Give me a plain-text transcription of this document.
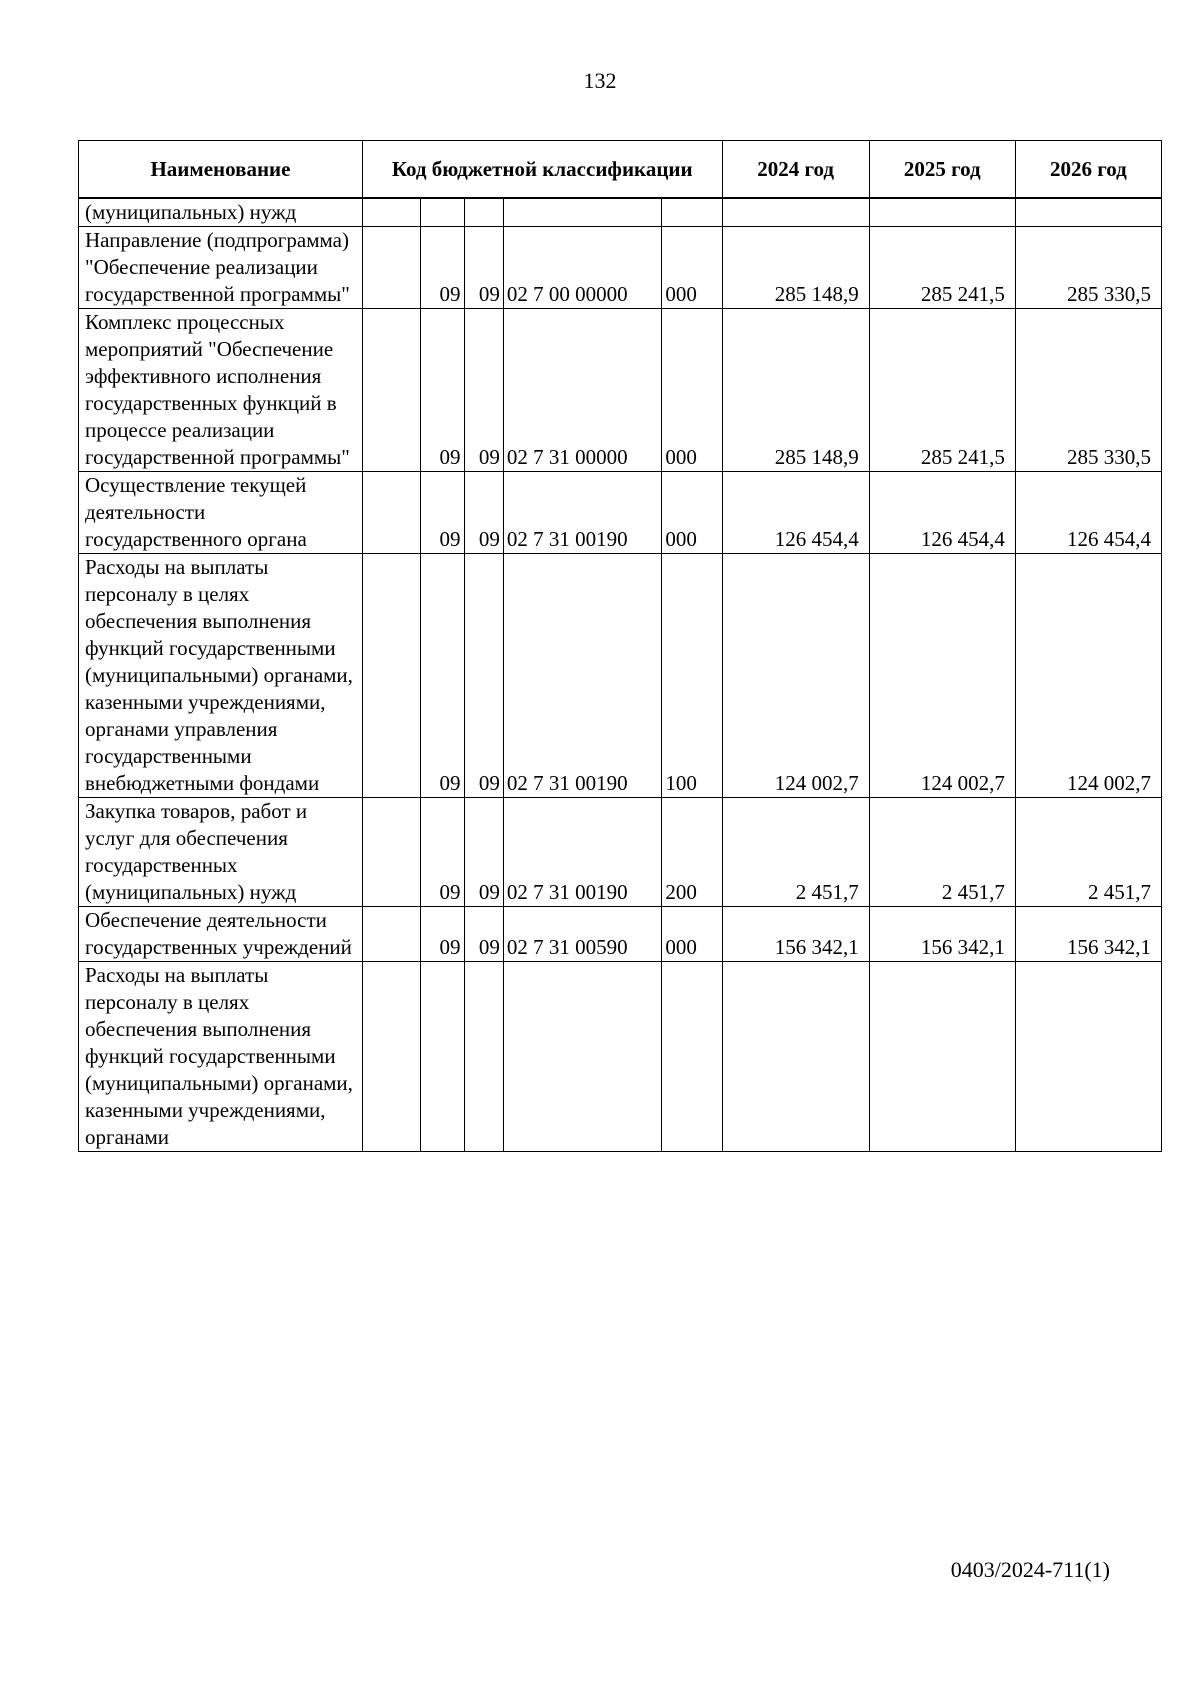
132
Наименование	Код бюджетной классификации					2024 год	2025 год	2026 год
(муниципальных) нужд								
Направление (подпрограмма) "Обеспечение реализации государственной программы"		09	09	02 7 00 00000	000	285 148,9	285 241,5	285 330,5
Комплекс процессных мероприятий "Обеспечение эффективного исполнения государственных функций в процессе реализации государственной программы"		09	09	02 7 31 00000	000	285 148,9	285 241,5	285 330,5
Осуществление текущей деятельности государственного органа		09	09	02 7 31 00190	000	126 454,4	126 454,4	126 454,4
Расходы на выплаты персоналу в целях обеспечения выполнения функций государственными (муниципальными) органами, казенными учреждениями, органами управления государственными внебюджетными фондами		09	09	02 7 31 00190	100	124 002,7	124 002,7	124 002,7
Закупка товаров, работ и услуг для обеспечения государственных (муниципальных) нужд		09	09	02 7 31 00190	200	2 451,7	2 451,7	2 451,7
Обеспечение деятельности государственных учреждений		09	09	02 7 31 00590	000	156 342,1	156 342,1	156 342,1
Расходы на выплаты персоналу в целях обеспечения выполнения функций государственными (муниципальными) органами, казенными учреждениями, органами								
0403/2024-711(1)
